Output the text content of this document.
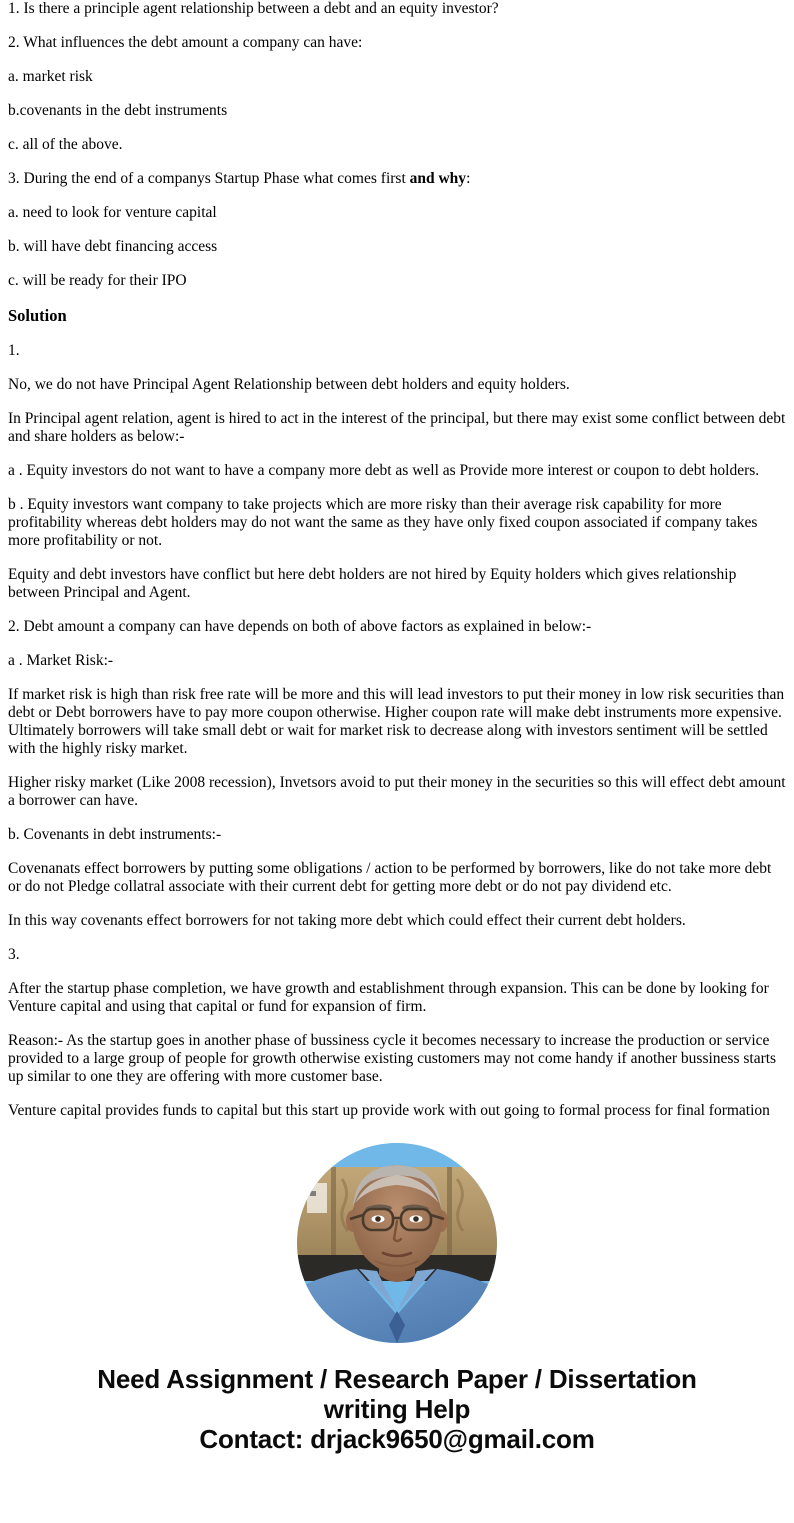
1. Is there a principle agent relationship between a debt and an equity investor?

2. What influences the debt amount a company can have:

a. market risk

b.covenants in the debt instruments

c. all of the above.

3. During the end of a companys Startup Phase what comes first and why:

a. need to look for venture capital

b. will have debt financing access

c. will be ready for their IPO

Solution

1.

No, we do not have Principal Agent Relationship between debt holders and equity holders.

In Principal agent relation, agent is hired to act in the interest of the principal, but there may exist some conflict between debt and share holders as below:-

a . Equity investors do not want to have a company more debt as well as Provide more interest or coupon to debt holders.

b . Equity investors want company to take projects which are more risky than their average risk capability for more profitability whereas debt holders may do not want the same as they have only fixed coupon associated if company takes more profitability or not.

Equity and debt investors have conflict but here debt holders are not hired by Equity holders which gives relationship between Principal and Agent.

2. Debt amount a company can have depends on both of above factors as explained in below:-

a . Market Risk:-

If market risk is high than risk free rate will be more and this will lead investors to put their money in low risk securities than debt or Debt borrowers have to pay more coupon otherwise. Higher coupon rate will make debt instruments more expensive. Ultimately borrowers will take small debt or wait for market risk to decrease along with investors sentiment will be settled with the highly risky market.

Higher risky market (Like 2008 recession), Invetsors avoid to put their money in the securities so this will effect debt amount a borrower can have.

b. Covenants in debt instruments:-

Covenanats effect borrowers by putting some obligations / action to be performed by borrowers, like do not take more debt or do not Pledge collatral associate with their current debt for getting more debt or do not pay dividend etc.

In this way covenants effect borrowers for not taking more debt which could effect their current debt holders.

3.

After the startup phase completion, we have growth and establishment through expansion. This can be done by looking for Venture capital and using that capital or fund for expansion of firm.

Reason:- As the startup goes in another phase of bussiness cycle it becomes necessary to increase the production or service provided to a large group of people for growth otherwise existing customers may not come handy if another bussiness starts up similar to one they are offering with more customer base.

Venture capital provides funds to capital but this start up provide work with out going to formal process for final formation

Need Assignment / Research Paper / Dissertation
writing Help
Contact: drjack9650@gmail.com
